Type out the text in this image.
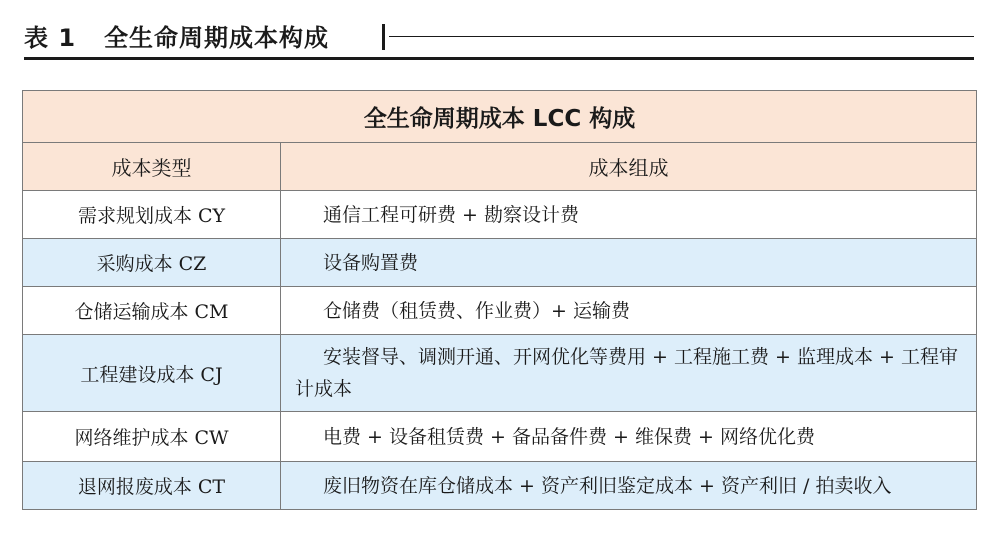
表 1 全生命周期成本构成
全生命周期成本 LCC 构成	
成本类型	成本组成
需求规划成本 CY	通信工程可研费 + 勘察设计费
采购成本 CZ	设备购置费
仓储运输成本 CM	仓储费（租赁费、作业费）+ 运输费
工程建设成本 CJ	安装督导、调测开通、开网优化等费用 + 工程施工费 + 监理成本 + 工程审计成本
网络维护成本 CW	电费 + 设备租赁费 + 备品备件费 + 维保费 + 网络优化费
退网报废成本 CT	废旧物资在库仓储成本 + 资产利旧鉴定成本 + 资产利旧 / 拍卖收入
